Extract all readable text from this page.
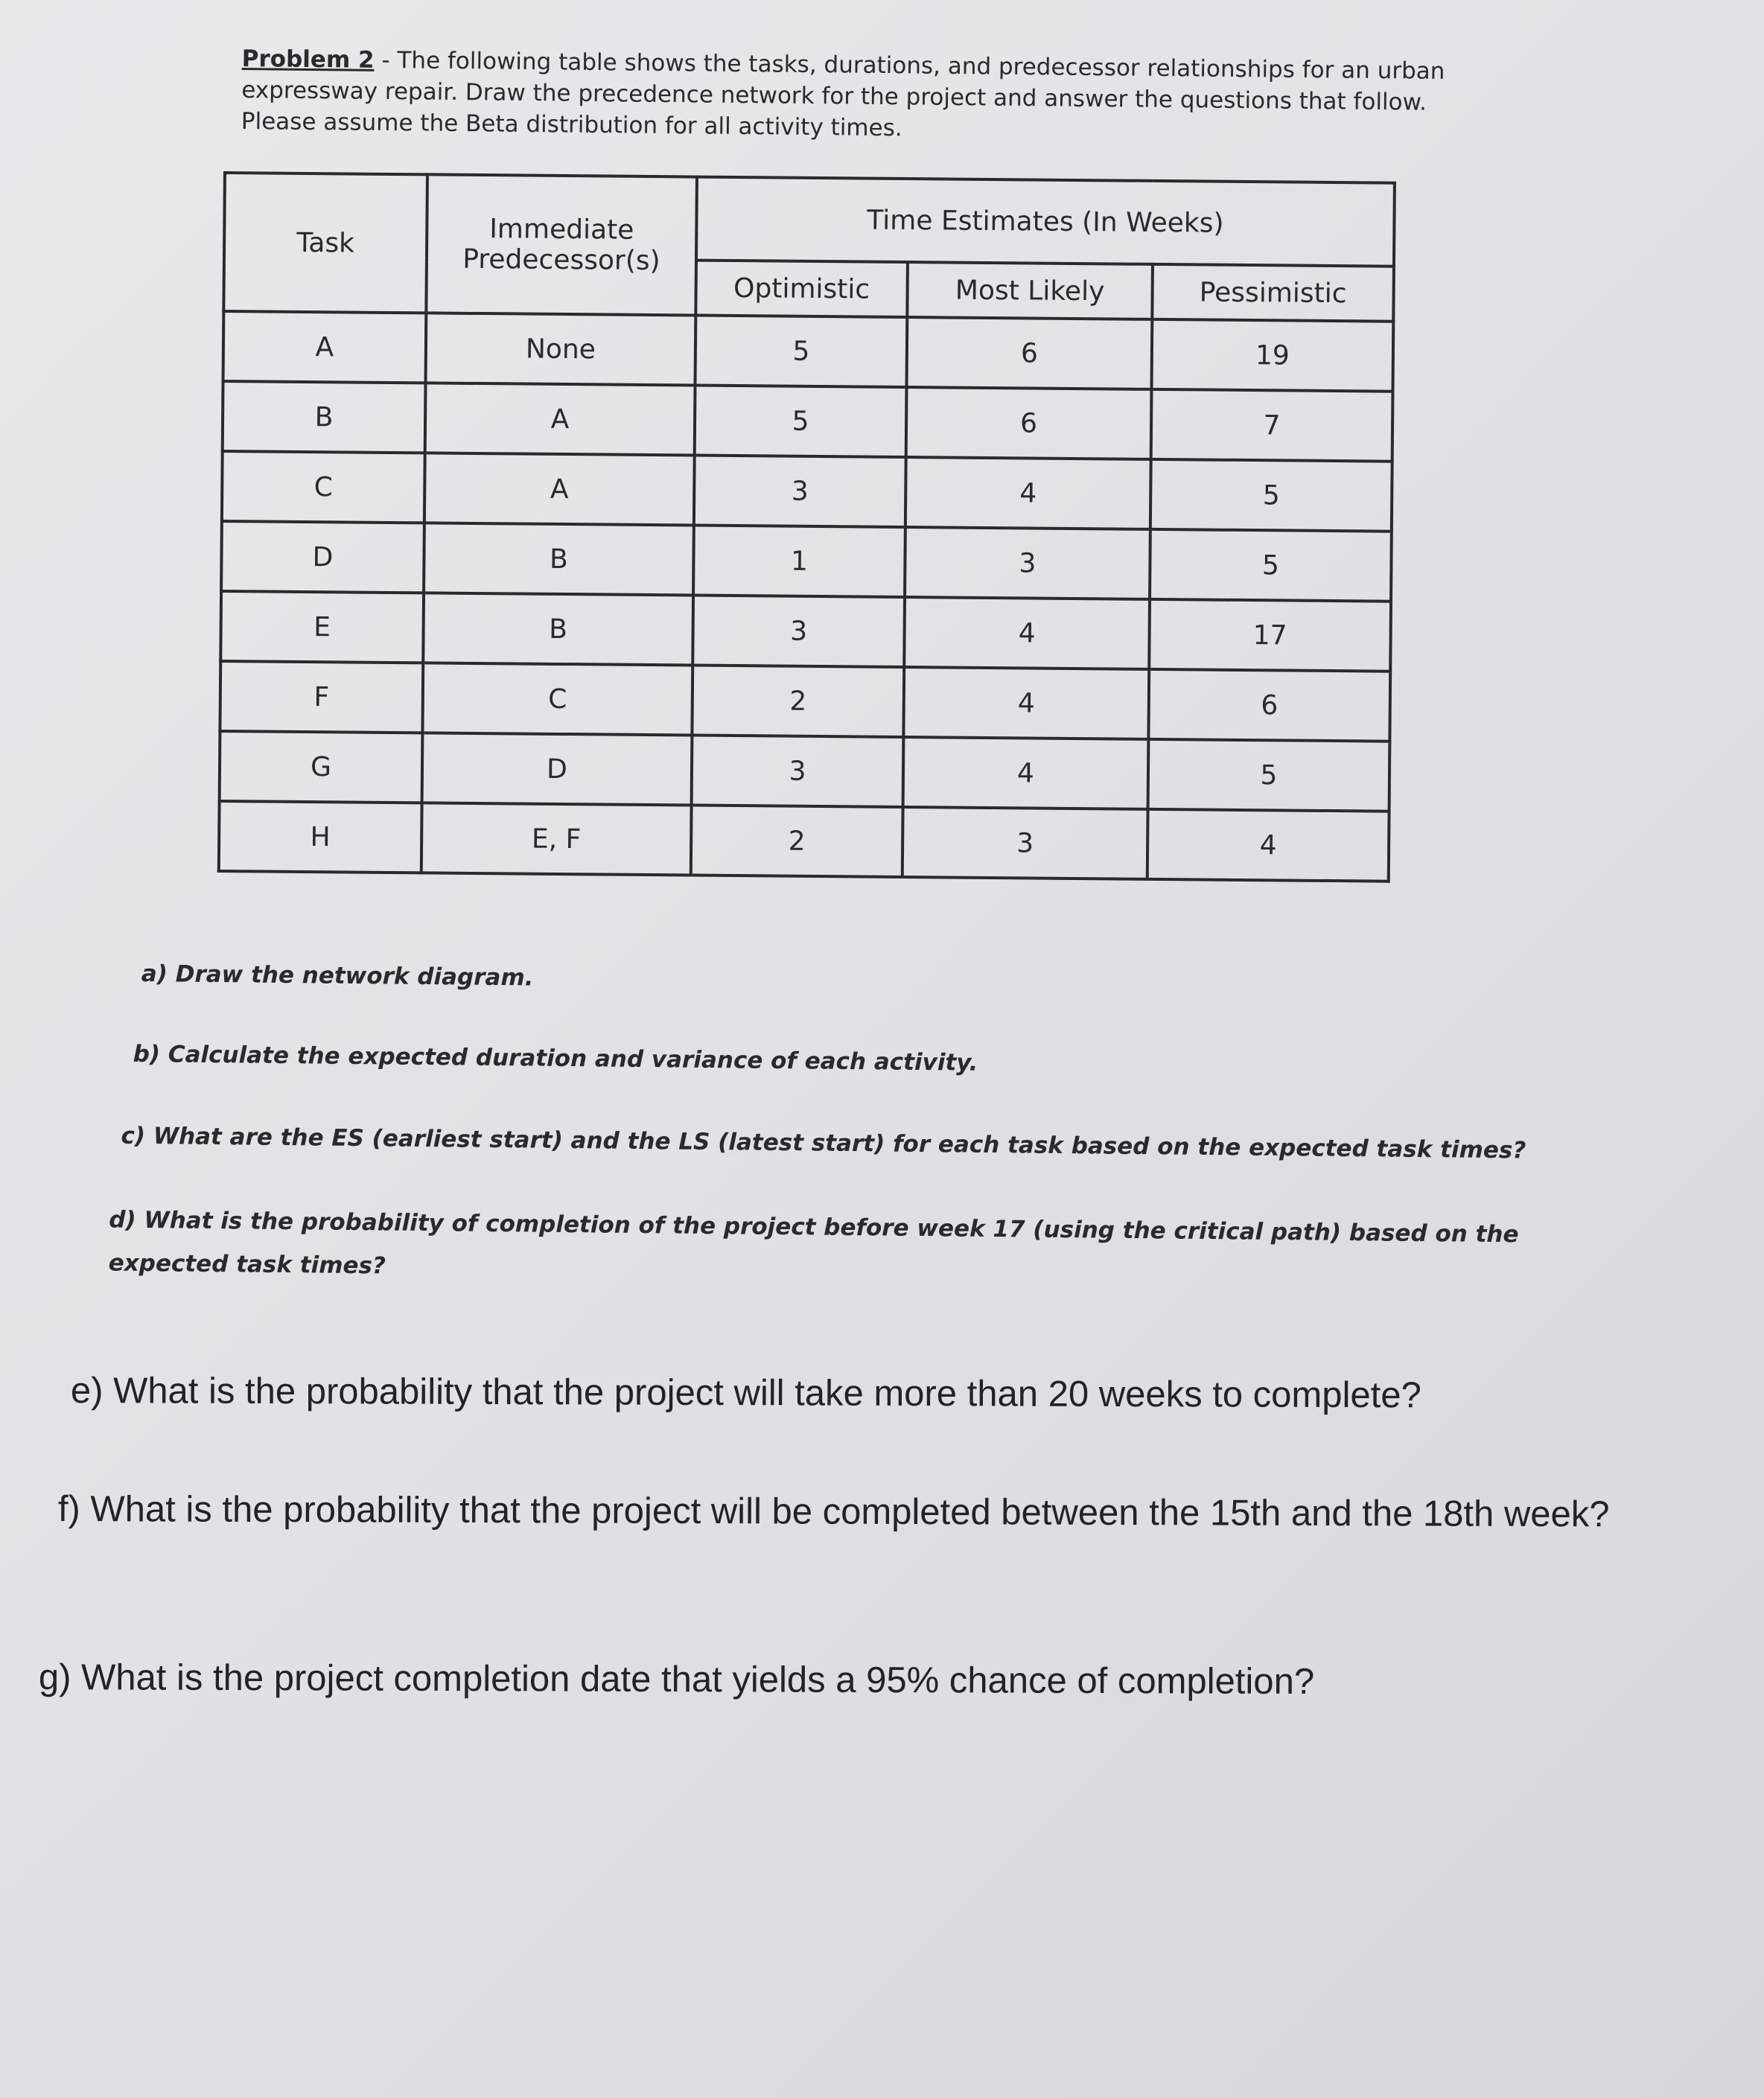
Problem 2 - The following table shows the tasks, durations, and predecessor relationships for an urban

expressway repair. Draw the precedence network for the project and answer the questions that follow.

Please assume the Beta distribution for all activity times.

Task	Immediate Predecessor(s)	Time Estimates (In Weeks)		
		Optimistic	Most Likely	Pessimistic
A	None	5	6	19
B	A	5	6	7
C	A	3	4	5
D	B	1	3	5
E	B	3	4	17
F	C	2	4	6
G	D	3	4	5
H	E, F	2	3	4

a) Draw the network diagram.

b) Calculate the expected duration and variance of each activity.

c) What are the ES (earliest start) and the LS (latest start) for each task based on the expected task times?

d) What is the probability of completion of the project before week 17 (using the critical path) based on the expected task times?

e) What is the probability that the project will take more than 20 weeks to complete?

f) What is the probability that the project will be completed between the 15th and the 18th week?

g) What is the project completion date that yields a 95% chance of completion?
